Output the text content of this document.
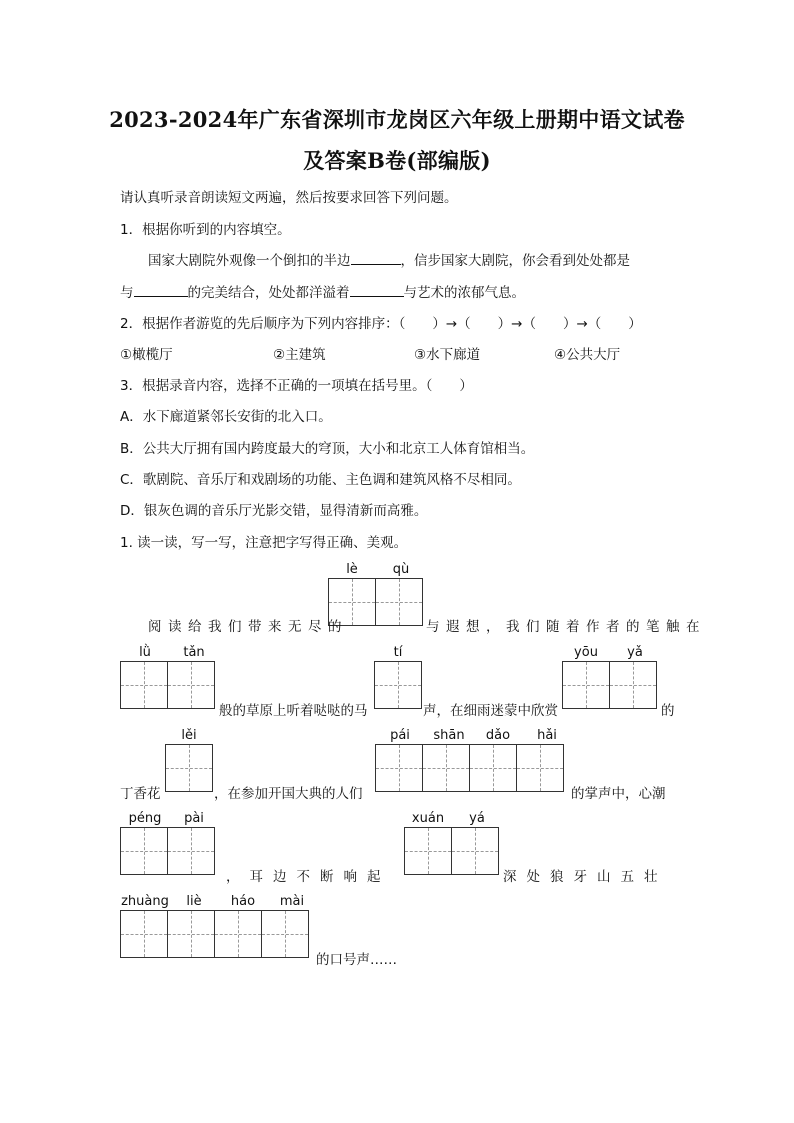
2023-2024年广东省深圳市龙岗区六年级上册期中语文试卷
及答案B卷(部编版)
请认真听录音朗读短文两遍，然后按要求回答下列问题。
1．根据你听到的内容填空。
国家大剧院外观像一个倒扣的半边	，信步国家大剧院，你会看到处处都是
与	的完美结合，处处都洋溢着	与艺术的浓郁气息。
2．根据作者游览的先后顺序为下列内容排序：（　　）→（　　）→（　　）→（　　）
①橄榄厅	②主建筑	③水下廊道	④公共大厅
3．根据录音内容，选择不正确的一项填在括号里。（　　）
A．水下廊道紧邻长安街的北入口。
B．公共大厅拥有国内跨度最大的穹顶，大小和北京工人体育馆相当。
C．歌剧院、音乐厅和戏剧场的功能、主色调和建筑风格不尽相同。
D．银灰色调的音乐厅光影交错，显得清新而高雅。
1. 读一读，写一写，注意把字写得正确、美观。
lè	qù
阅读给我们带来无尽的	与遐想，我们随着作者的笔触在
lǜ	tǎn
般的草原上听着哒哒的马
tí
声，在细雨迷蒙中欣赏
yōu	yǎ
的
lěi
丁香花	，在参加开国大典的人们
pái	shān	dǎo	hǎi
的掌声中，心潮
péng	pài
，耳边不断响起
xuán	yá
深处狼牙山五壮
zhuàng	liè	háo	mài
的口号声……
